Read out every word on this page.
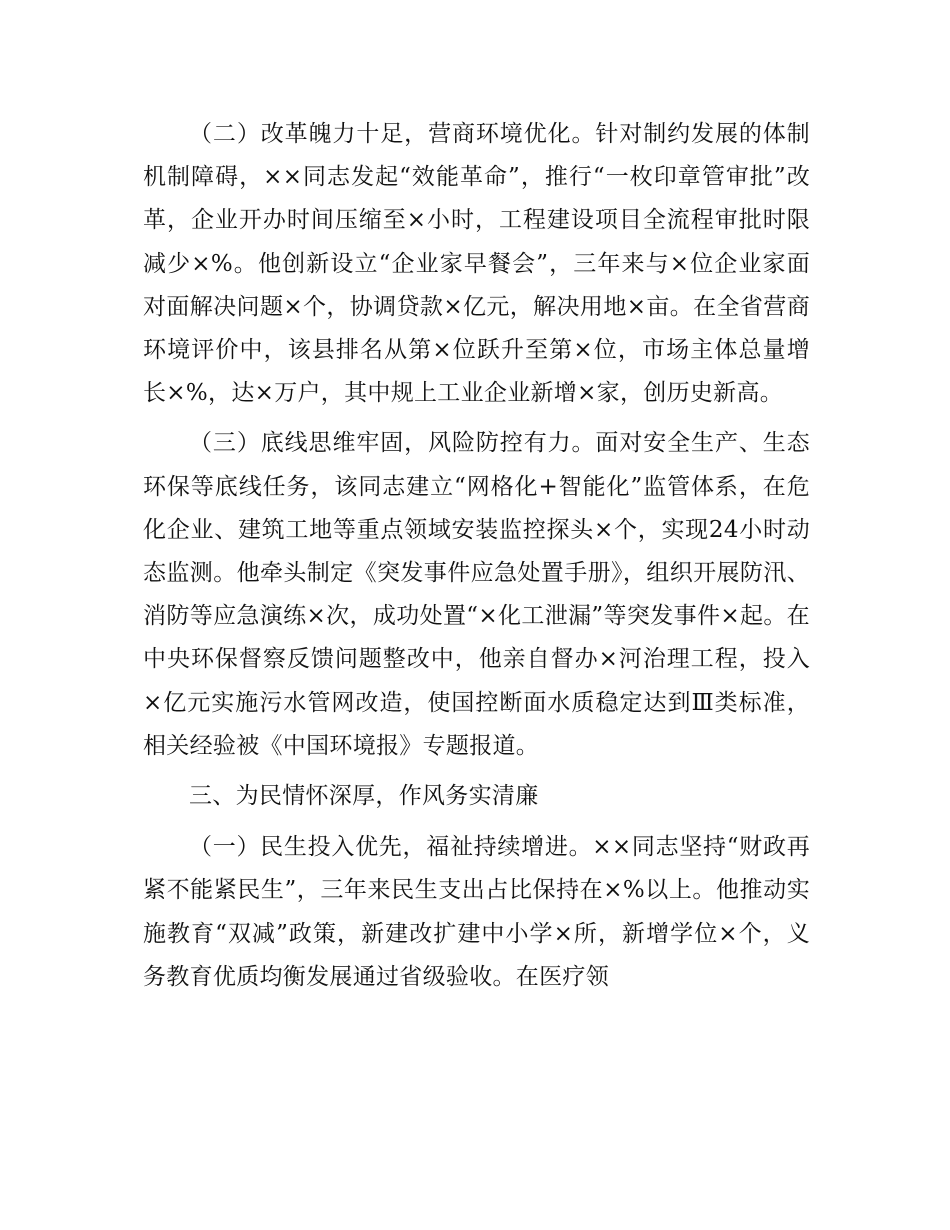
（二）改革魄力十足，营商环境优化。针对制约发展的体制机制障碍，××同志发起“效能革命”，推行“一枚印章管审批”改革，企业开办时间压缩至×小时，工程建设项目全流程审批时限减少×%。他创新设立“企业家早餐会”，三年来与×位企业家面对面解决问题×个，协调贷款×亿元，解决用地×亩。在全省营商环境评价中，该县排名从第×位跃升至第×位，市场主体总量增长×%，达×万户，其中规上工业企业新增×家，创历史新高。

（三）底线思维牢固，风险防控有力。面对安全生产、生态环保等底线任务，该同志建立“网格化+智能化”监管体系，在危化企业、建筑工地等重点领域安装监控探头×个，实现24小时动态监测。他牵头制定《突发事件应急处置手册》，组织开展防汛、消防等应急演练×次，成功处置“×化工泄漏”等突发事件×起。在中央环保督察反馈问题整改中，他亲自督办×河治理工程，投入×亿元实施污水管网改造，使国控断面水质稳定达到Ⅲ类标准，相关经验被《中国环境报》专题报道。

三、为民情怀深厚，作风务实清廉

（一）民生投入优先，福祉持续增进。××同志坚持“财政再紧不能紧民生”，三年来民生支出占比保持在×%以上。他推动实施教育“双减”政策，新建改扩建中小学×所，新增学位×个，义务教育优质均衡发展通过省级验收。在医疗领
